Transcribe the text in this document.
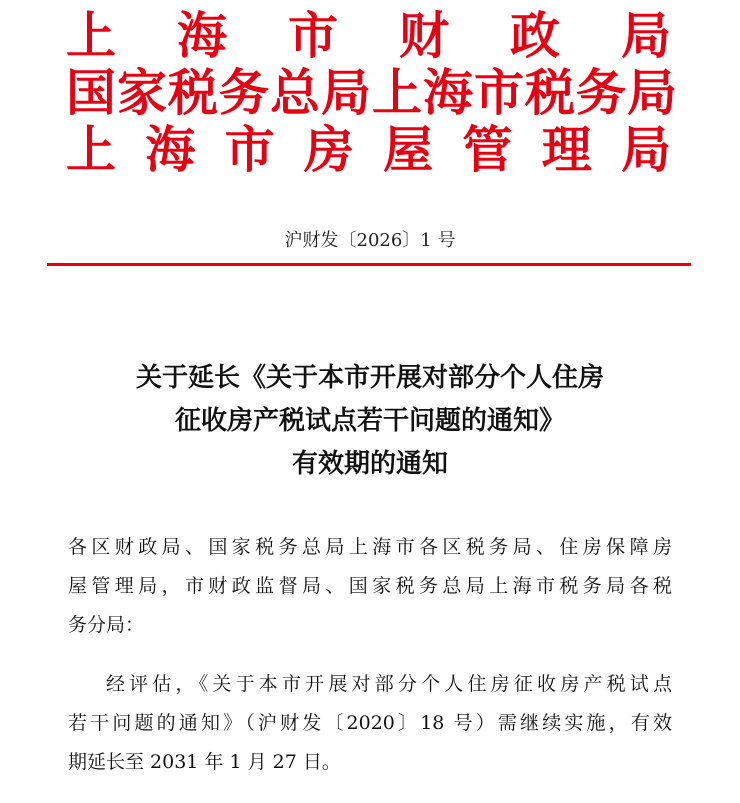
上海市财政局
国家税务总局上海市税务局
上海市房屋管理局
沪财发〔2026〕1 号
关于延长《关于本市开展对部分个人住房
征收房产税试点若干问题的通知》
有效期的通知
各区财政局、国家税务总局上海市各区税务局、住房保障房
屋管理局，市财政监督局、国家税务总局上海市税务局各税
务分局：
经评估，《关于本市开展对部分个人住房征收房产税试点
若干问题的通知》（沪财发〔2020〕18 号）需继续实施，有效
期延长至 2031 年 1 月 27 日。
